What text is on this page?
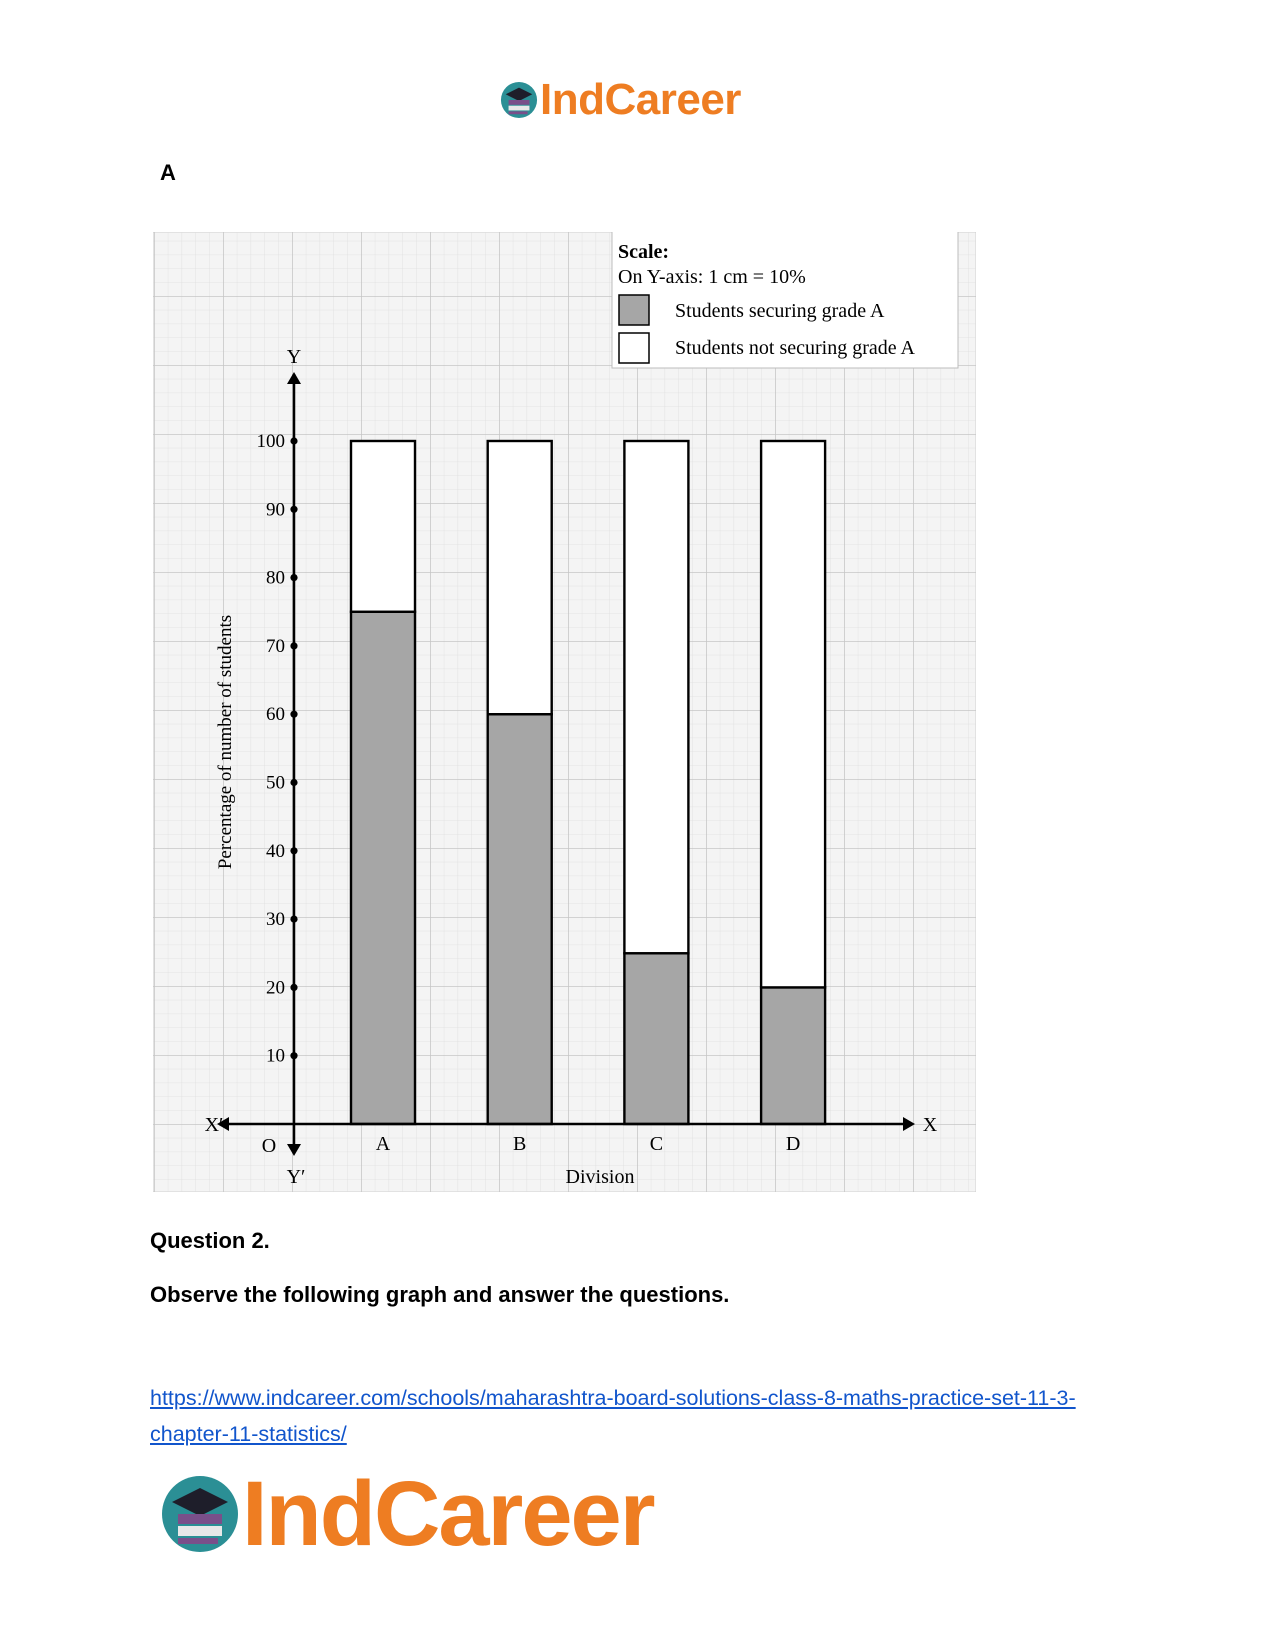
IndCareer
A
A	B	C	D
10
20
30
40
50
60
70
80
90
100
Percentage of number of students
Division
Y
Y′
X
X′
O
Scale:
On Y-axis: 1 cm = 10%
Students securing grade A
Students not securing grade A
Question 2.
Observe the following graph and answer the questions.
https://www.indcareer.com/schools/maharashtra-board-solutions-class-8-maths-practice-set-11-3-chapter-11-statistics/
IndCareer
